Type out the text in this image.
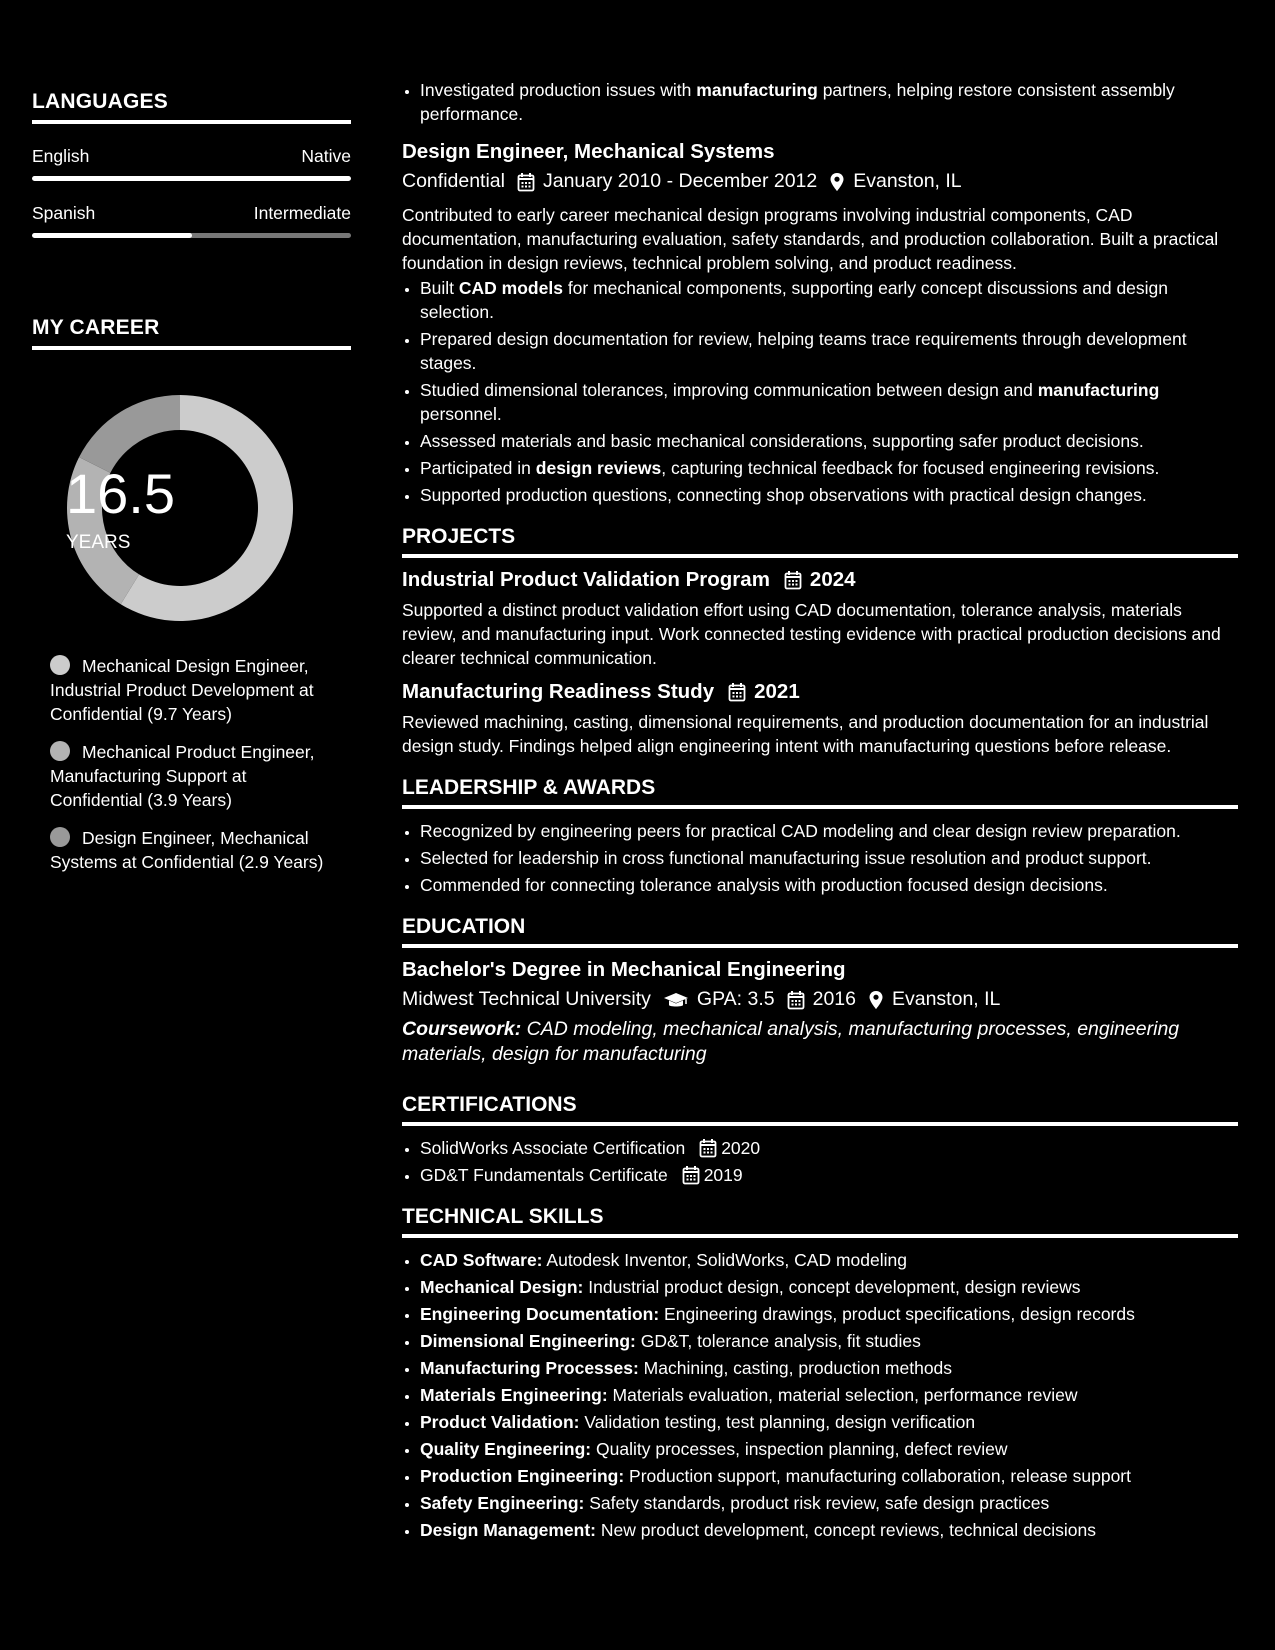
LANGUAGES
English	Native
Spanish	Intermediate
MY CAREER
16.5
YEARS
Mechanical Design Engineer, Industrial Product Development at Confidential (9.7 Years)
Mechanical Product Engineer, Manufacturing Support at Confidential (3.9 Years)
Design Engineer, Mechanical Systems at Confidential (2.9 Years)
• Investigated production issues with manufacturing partners, helping restore consistent assembly performance.
Design Engineer, Mechanical Systems
Confidential January 2010 - December 2012 Evanston, IL
Contributed to early career mechanical design programs involving industrial components, CAD documentation, manufacturing evaluation, safety standards, and production collaboration. Built a practical foundation in design reviews, technical problem solving, and product readiness.
• Built CAD models for mechanical components, supporting early concept discussions and design selection.
• Prepared design documentation for review, helping teams trace requirements through development stages.
• Studied dimensional tolerances, improving communication between design and manufacturing personnel.
• Assessed materials and basic mechanical considerations, supporting safer product decisions.
• Participated in design reviews, capturing technical feedback for focused engineering revisions.
• Supported production questions, connecting shop observations with practical design changes.
PROJECTS
Industrial Product Validation Program 2024
Supported a distinct product validation effort using CAD documentation, tolerance analysis, materials review, and manufacturing input. Work connected testing evidence with practical production decisions and clearer technical communication.
Manufacturing Readiness Study 2021
Reviewed machining, casting, dimensional requirements, and production documentation for an industrial design study. Findings helped align engineering intent with manufacturing questions before release.
LEADERSHIP & AWARDS
• Recognized by engineering peers for practical CAD modeling and clear design review preparation.
• Selected for leadership in cross functional manufacturing issue resolution and product support.
• Commended for connecting tolerance analysis with production focused design decisions.
EDUCATION
Bachelor's Degree in Mechanical Engineering
Midwest Technical University GPA: 3.5 2016 Evanston, IL
Coursework: CAD modeling, mechanical analysis, manufacturing processes, engineering materials, design for manufacturing
CERTIFICATIONS
• SolidWorks Associate Certification 2020
• GD&T Fundamentals Certificate 2019
TECHNICAL SKILLS
• CAD Software: Autodesk Inventor, SolidWorks, CAD modeling
• Mechanical Design: Industrial product design, concept development, design reviews
• Engineering Documentation: Engineering drawings, product specifications, design records
• Dimensional Engineering: GD&T, tolerance analysis, fit studies
• Manufacturing Processes: Machining, casting, production methods
• Materials Engineering: Materials evaluation, material selection, performance review
• Product Validation: Validation testing, test planning, design verification
• Quality Engineering: Quality processes, inspection planning, defect review
• Production Engineering: Production support, manufacturing collaboration, release support
• Safety Engineering: Safety standards, product risk review, safe design practices
• Design Management: New product development, concept reviews, technical decisions
